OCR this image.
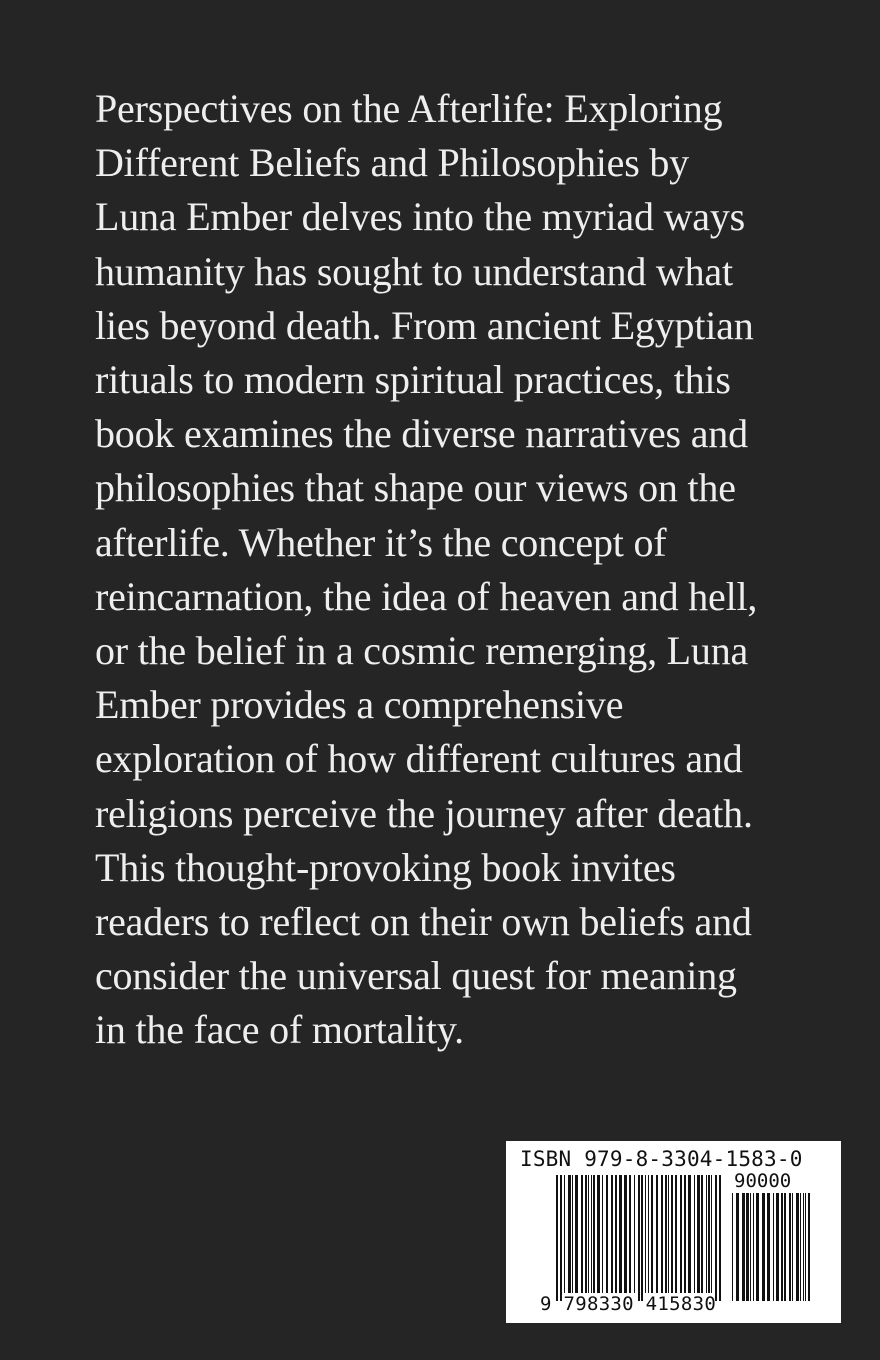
Perspectives on the Afterlife: Exploring
Different Beliefs and Philosophies by
Luna Ember delves into the myriad ways
humanity has sought to understand what
lies beyond death. From ancient Egyptian
rituals to modern spiritual practices, this
book examines the diverse narratives and
philosophies that shape our views on the
afterlife. Whether it’s the concept of
reincarnation, the idea of heaven and hell,
or the belief in a cosmic remerging, Luna
Ember provides a comprehensive
exploration of how different cultures and
religions perceive the journey after death.
This thought-provoking book invites
readers to reflect on their own beliefs and
consider the universal quest for meaning
in the face of mortality.
ISBN 979-8-3304-1583-0
90000
9 798330 415830
